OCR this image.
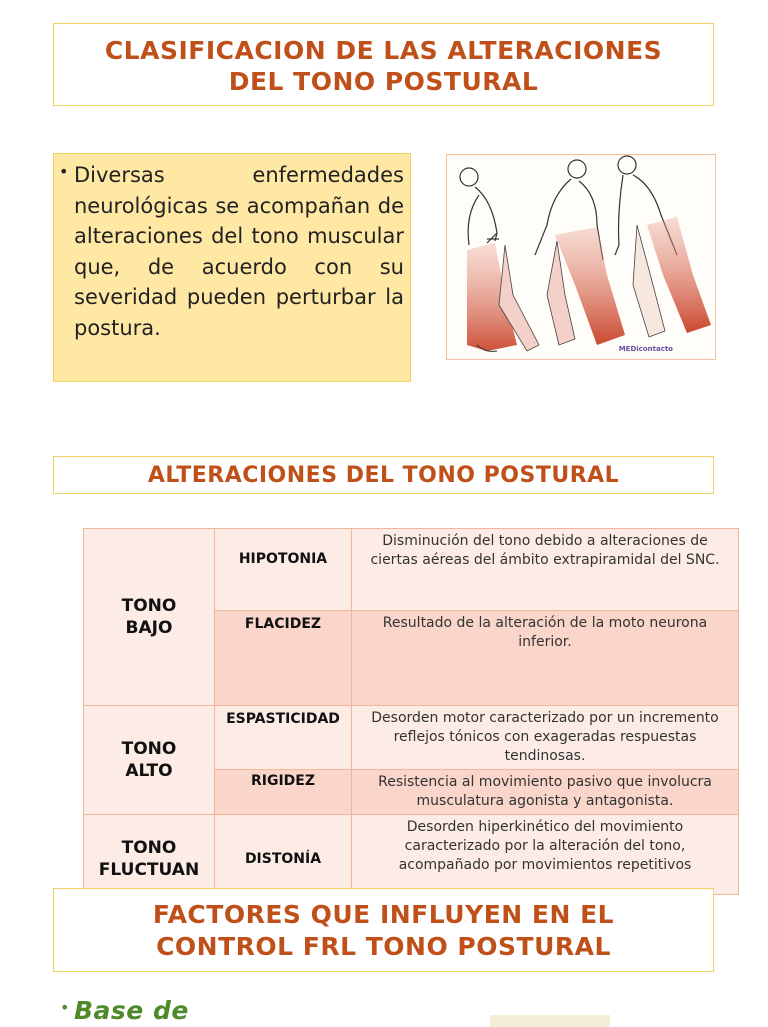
CLASIFICACION DE LAS ALTERACIONES
DEL TONO POSTURAL
• Diversas enfermedades neurológicas se acompañan de alteraciones del tono muscular que, de acuerdo con su severidad pueden perturbar la postura.
MEDicontacto
ALTERACIONES DEL TONO POSTURAL
TONO
BAJO	HIPOTONIA	Disminución del tono debido a alteraciones de ciertas aéreas del ámbito extrapiramidal del SNC.
	FLACIDEZ	Resultado de la alteración de la moto neurona inferior.

TONO
ALTO	ESPASTICIDAD	Desorden motor caracterizado por un incremento reflejos tónicos con exageradas respuestas tendinosas.
	RIGIDEZ	Resistencia al movimiento pasivo que involucra musculatura agonista y antagonista.

TONO
FLUCTUAN	DISTONÍA	Desorden hiperkinético del movimiento caracterizado por la alteración del tono, acompañado por movimientos repetitivos
FACTORES QUE INFLUYEN EN EL
CONTROL FRL TONO POSTURAL
• Base de
